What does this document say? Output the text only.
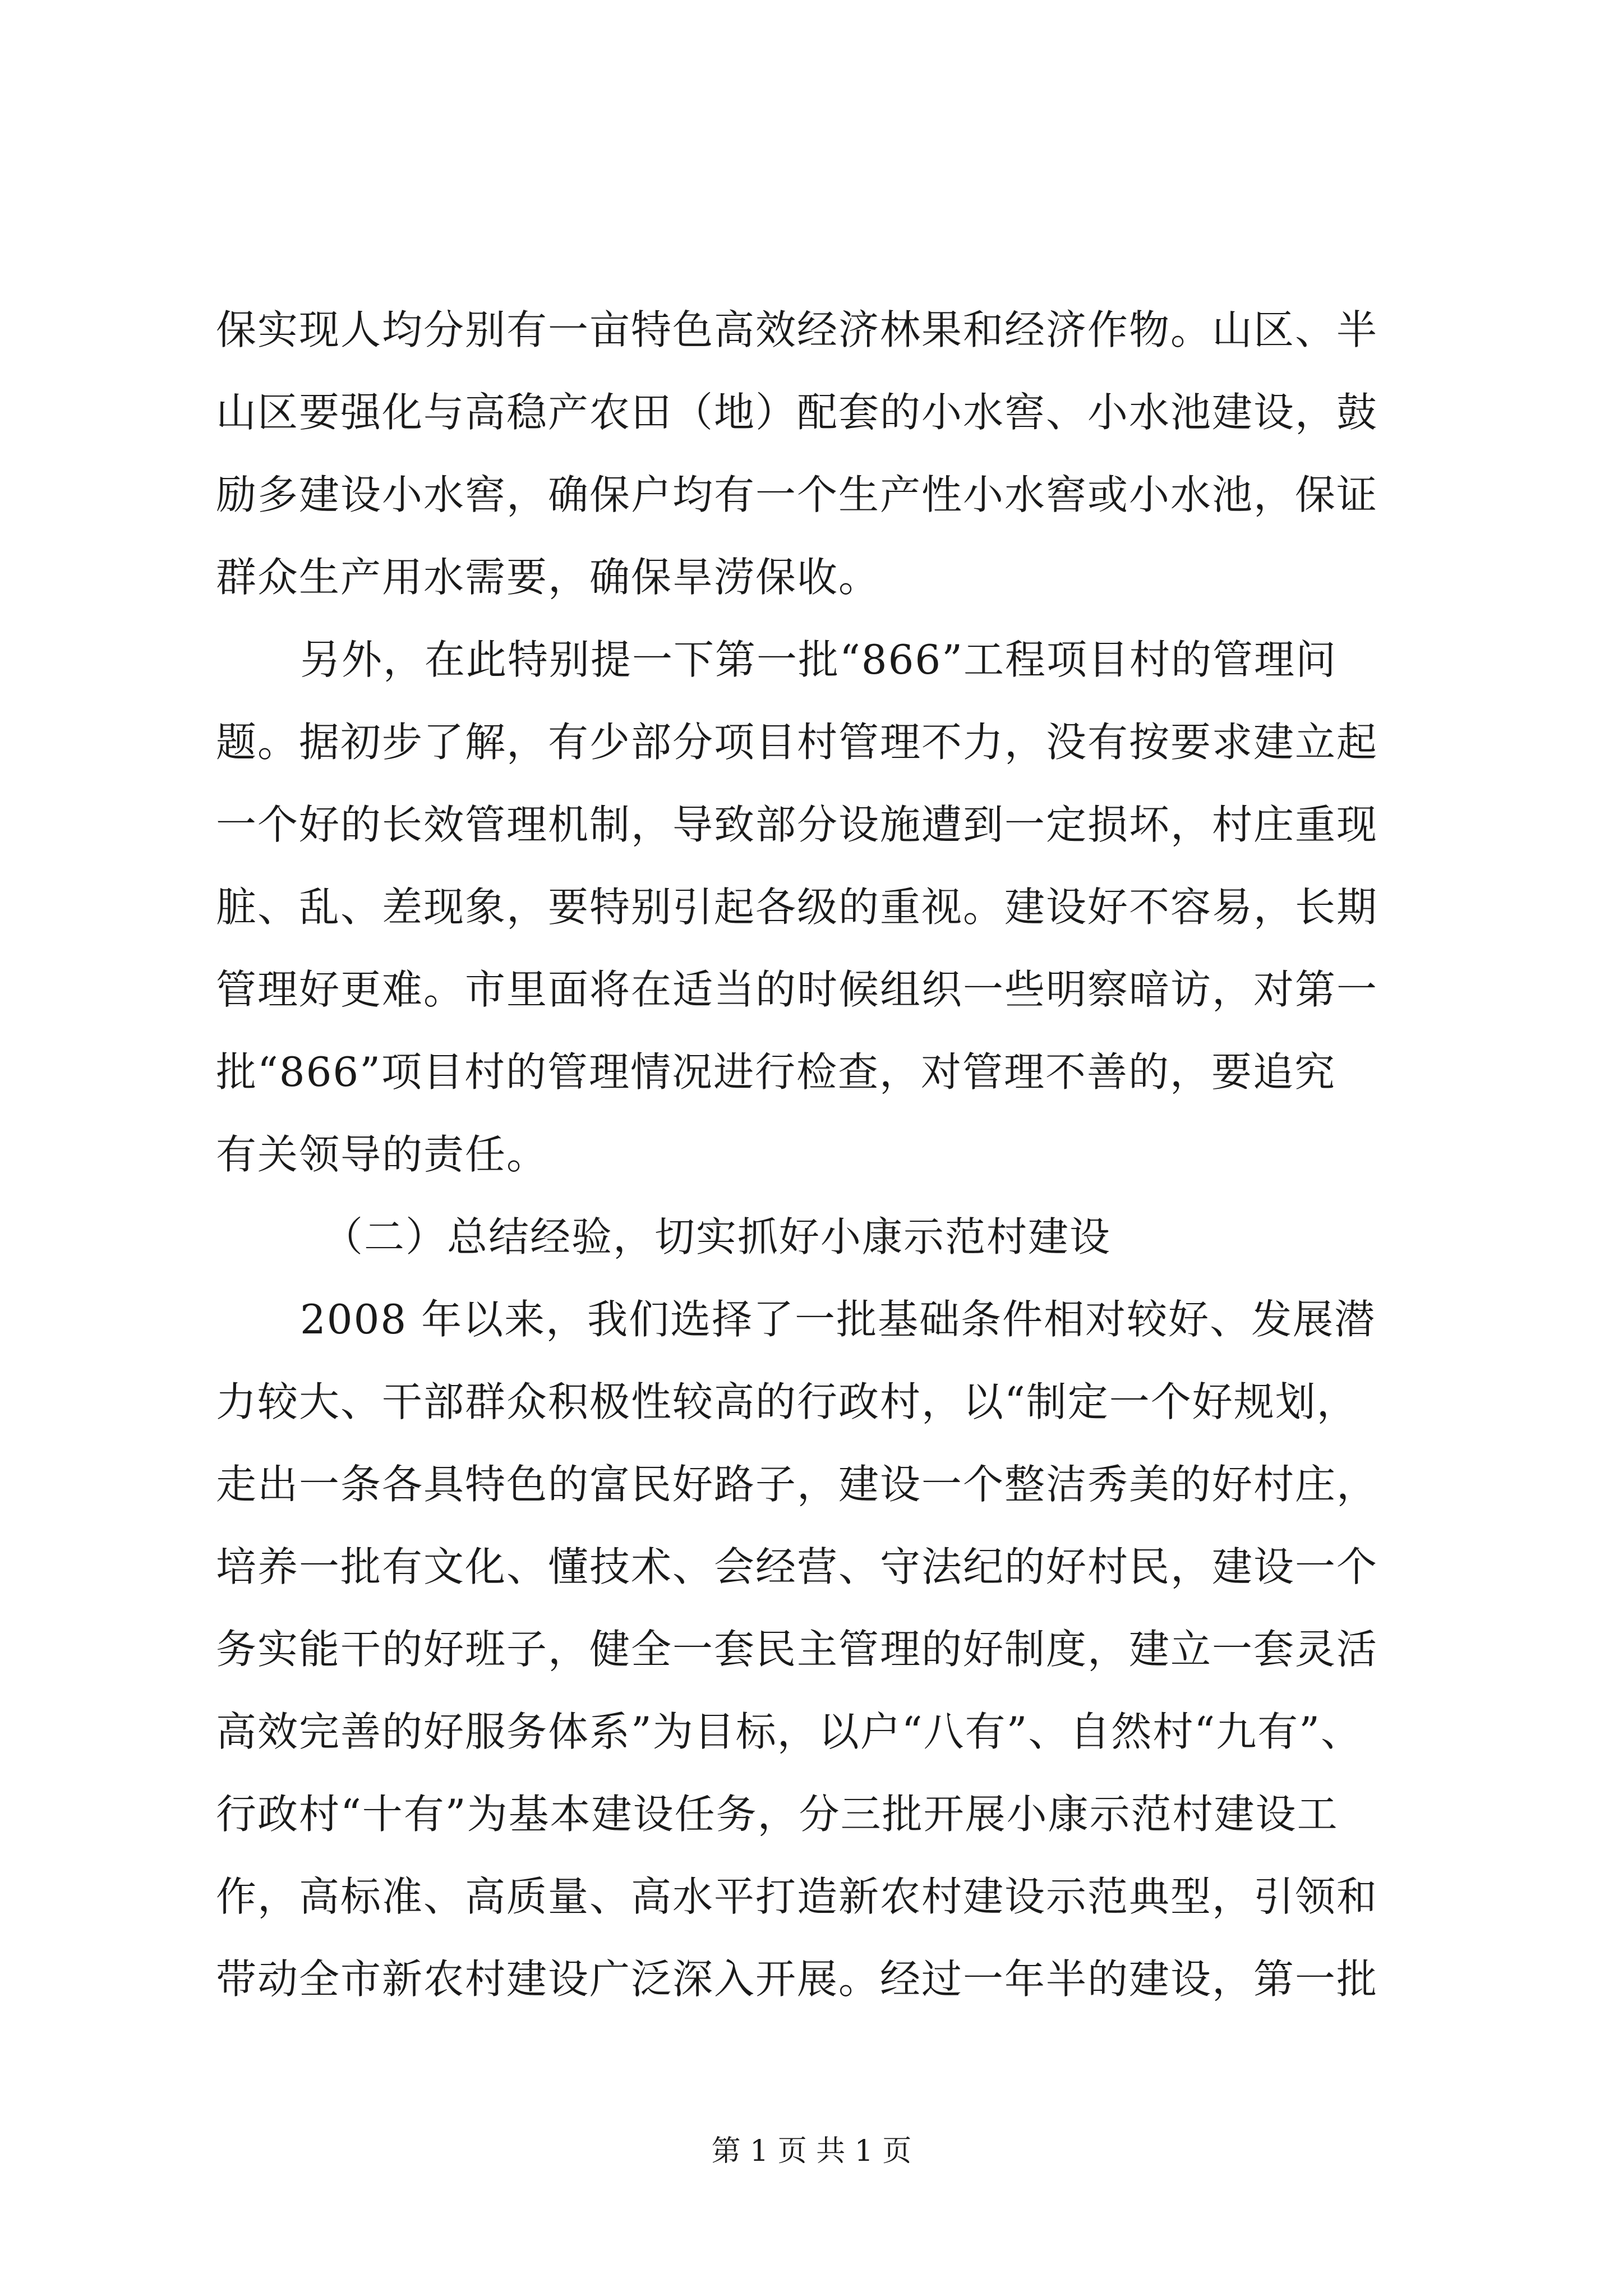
保实现人均分别有一亩特色高效经济林果和经济作物。山区、半
山区要强化与高稳产农田（地）配套的小水窖、小水池建设，鼓
励多建设小水窖，确保户均有一个生产性小水窖或小水池，保证
群众生产用水需要，确保旱涝保收。
另外，在此特别提一下第一批“866”工程项目村的管理问
题。据初步了解，有少部分项目村管理不力，没有按要求建立起
一个好的长效管理机制，导致部分设施遭到一定损坏，村庄重现
脏、乱、差现象，要特别引起各级的重视。建设好不容易，长期
管理好更难。市里面将在适当的时候组织一些明察暗访，对第一
批“866”项目村的管理情况进行检查，对管理不善的，要追究
有关领导的责任。
（二）总结经验，切实抓好小康示范村建设
2008 年以来，我们选择了一批基础条件相对较好、发展潜
力较大、干部群众积极性较高的行政村，以“制定一个好规划，
走出一条各具特色的富民好路子，建设一个整洁秀美的好村庄，
培养一批有文化、懂技术、会经营、守法纪的好村民，建设一个
务实能干的好班子，健全一套民主管理的好制度，建立一套灵活
高效完善的好服务体系”为目标，以户“八有”、自然村“九有”、
行政村“十有”为基本建设任务，分三批开展小康示范村建设工
作，高标准、高质量、高水平打造新农村建设示范典型，引领和
带动全市新农村建设广泛深入开展。经过一年半的建设，第一批
第 1 页 共 1 页
